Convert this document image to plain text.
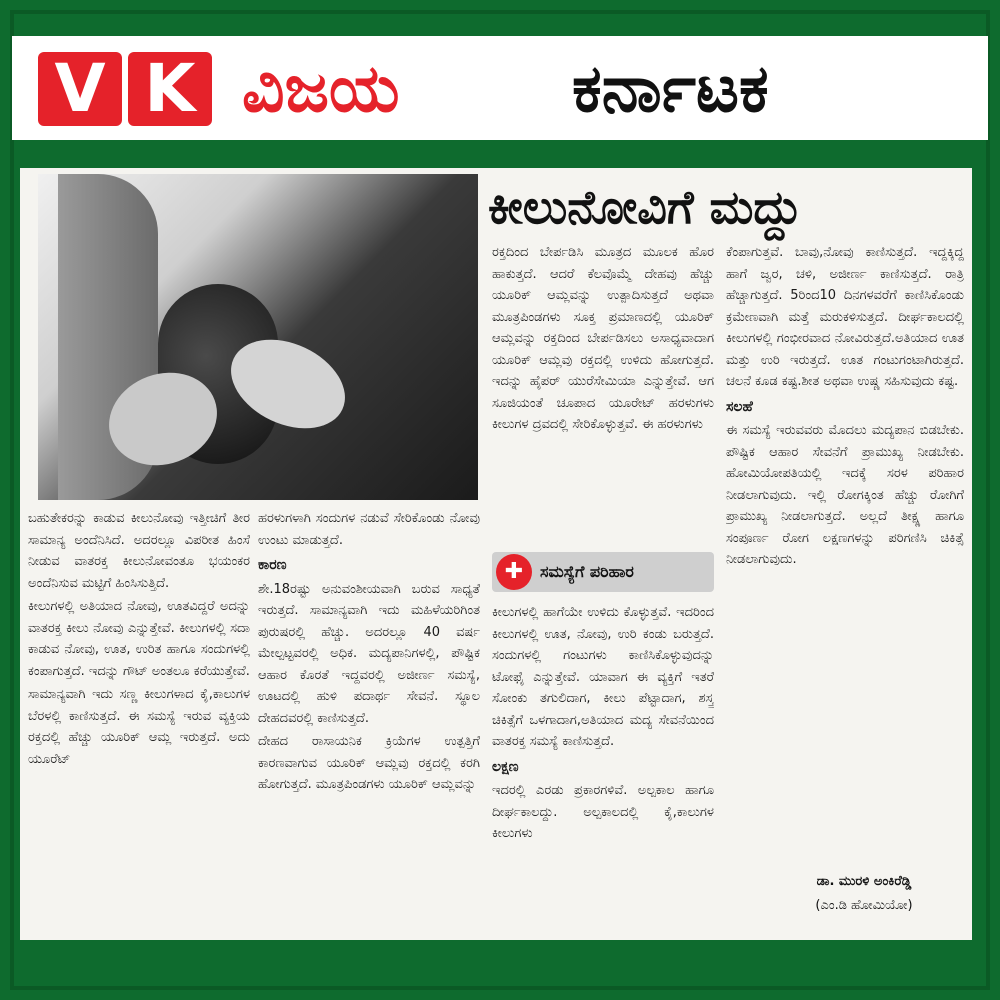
V K ವಿಜಯ	ಕರ್ನಾಟಕ
ಕೀಲುನೋವಿಗೆ ಮದ್ದು

ಬಹುತೇಕರನ್ನು ಕಾಡುವ ಕೀಲುನೋವು ಇತ್ತೀಚಿಗೆ ತೀರ ಸಾಮಾನ್ಯ ಅಂದೆನಿಸಿದೆ. ಅದರಲ್ಲೂ ವಿಪರೀತ ಹಿಂಸೆ ನೀಡುವ ವಾತರಕ್ತ ಕೀಲುನೋವಂತೂ ಭಯಂಕರ ಅಂದೆನಿಸುವ ಮಟ್ಟಿಗೆ ಹಿಂಸಿಸುತ್ತಿದೆ.

ಕೀಲುಗಳಲ್ಲಿ ಅತಿಯಾದ ನೋವು, ಊತವಿದ್ದರೆ ಅದನ್ನು ವಾತರಕ್ತ ಕೀಲು ನೋವು ಎನ್ನುತ್ತೇವೆ. ಕೀಲುಗಳಲ್ಲಿ ಸದಾ ಕಾಡುವ ನೋವು, ಊತ, ಉರಿತ ಹಾಗೂ ಸಂದುಗಳಲ್ಲಿ ಕಂಪಾಗುತ್ತದೆ. ಇದನ್ನು ಗೌಟ್ ಅಂತಲೂ ಕರೆಯುತ್ತೇವೆ.

ಸಾಮಾನ್ಯವಾಗಿ ಇದು ಸಣ್ಣ ಕೀಲುಗಳಾದ ಕೈ,ಕಾಲುಗಳ ಬೆರಳಲ್ಲಿ ಕಾಣಿಸುತ್ತದೆ. ಈ ಸಮಸ್ಯೆ ಇರುವ ವ್ಯಕ್ತಿಯ ರಕ್ತದಲ್ಲಿ ಹೆಚ್ಚು ಯೂರಿಕ್ ಆಮ್ಲ ಇರುತ್ತದೆ. ಅದು ಯೂರೆಟ್

ಹರಳುಗಳಾಗಿ ಸಂದುಗಳ ನಡುವೆ ಸೇರಿಕೊಂಡು ನೋವು ಉಂಟು ಮಾಡುತ್ತದೆ.

ಕಾರಣ

ಶೇ.18ರಷ್ಟು ಅನುವಂಶೀಯವಾಗಿ ಬರುವ ಸಾಧ್ಯತೆ ಇರುತ್ತದೆ. ಸಾಮಾನ್ಯವಾಗಿ ಇದು ಮಹಿಳೆಯರಿಗಿಂತ ಪುರುಷರಲ್ಲಿ ಹೆಚ್ಚು. ಅದರಲ್ಲೂ 40 ವರ್ಷ ಮೇಲ್ಪಟ್ಟವರಲ್ಲಿ ಅಧಿಕ. ಮದ್ಯಪಾನಿಗಳಲ್ಲಿ, ಪೌಷ್ಟಿಕ ಆಹಾರ ಕೊರತೆ ಇದ್ದವರಲ್ಲಿ ಅಜೀರ್ಣ ಸಮಸ್ಯೆ, ಊಟದಲ್ಲಿ ಹುಳಿ ಪದಾರ್ಥ ಸೇವನೆ. ಸ್ಥೂಲ ದೇಹದವರಲ್ಲಿ ಕಾಣಿಸುತ್ತದೆ.

ದೇಹದ ರಾಸಾಯನಿಕ ಕ್ರಿಯೆಗಳ ಉತ್ಪತ್ತಿಗೆ ಕಾರಣವಾಗುವ ಯೂರಿಕ್ ಆಮ್ಲವು ರಕ್ತದಲ್ಲಿ ಕರಗಿ ಹೋಗುತ್ತದೆ. ಮೂತ್ರಪಿಂಡಗಳು ಯೂರಿಕ್ ಆಮ್ಲವನ್ನು

ರಕ್ತದಿಂದ ಬೇರ್ಪಡಿಸಿ ಮೂತ್ರದ ಮೂಲಕ ಹೊರ ಹಾಕುತ್ತದೆ. ಆದರೆ ಕೆಲವೊಮ್ಮೆ ದೇಹವು ಹೆಚ್ಚು ಯೂರಿಕ್ ಆಮ್ಲವನ್ನು ಉತ್ಪಾದಿಸುತ್ತದೆ ಅಥವಾ ಮೂತ್ರಪಿಂಡಗಳು ಸೂಕ್ತ ಪ್ರಮಾಣದಲ್ಲಿ ಯೂರಿಕ್ ಆಮ್ಲವನ್ನು ರಕ್ತದಿಂದ ಬೇರ್ಪಡಿಸಲು ಅಸಾಧ್ಯವಾದಾಗ ಯೂರಿಕ್ ಆಮ್ಲವು ರಕ್ತದಲ್ಲಿ ಉಳಿದು ಹೋಗುತ್ತದೆ. ಇದನ್ನು ಹೈಪರ್ ಯುರೆಸೇಮಿಯಾ ಎನ್ನುತ್ತೇವೆ. ಆಗ ಸೂಜಿಯಂತೆ ಚೂಪಾದ ಯೂರೇಟ್ ಹರಳುಗಳು ಕೀಲುಗಳ ದ್ರವದಲ್ಲಿ ಸೇರಿಕೊಳ್ಳುತ್ತವೆ. ಈ ಹರಳುಗಳು

✚	ಸಮಸ್ಯೆಗೆ ಪರಿಹಾರ

ಕೀಲುಗಳಲ್ಲಿ ಹಾಗೆಯೇ ಉಳಿದು ಕೊಳ್ಳುತ್ತವೆ. ಇದರಿಂದ ಕೀಲುಗಳಲ್ಲಿ ಊತ, ನೋವು, ಉರಿ ಕಂಡು ಬರುತ್ತದೆ. ಸಂದುಗಳಲ್ಲಿ ಗಂಟುಗಳು ಕಾಣಿಸಿಕೊಳ್ಳುವುದನ್ನು ಟೋಫೈ ಎನ್ನುತ್ತೇವೆ. ಯಾವಾಗ ಈ ವ್ಯಕ್ತಿಗೆ ಇತರೆ ಸೋಂಕು ತಗುಲಿದಾಗ, ಕೀಲು ಪೆಟ್ಟಾದಾಗ, ಶಸ್ತ್ರ ಚಿಕಿತ್ಸೆಗೆ ಒಳಗಾದಾಗ,ಅತಿಯಾದ ಮದ್ಯ ಸೇವನೆಯಿಂದ ವಾತರಕ್ತ ಸಮಸ್ಯೆ ಕಾಣಿಸುತ್ತದೆ.

ಲಕ್ಷಣ

ಇದರಲ್ಲಿ ಎರಡು ಪ್ರಕಾರಗಳಿವೆ. ಅಲ್ಪಕಾಲ ಹಾಗೂ ದೀರ್ಘಕಾಲದ್ದು. ಅಲ್ಪಕಾಲದಲ್ಲಿ ಕೈ,ಕಾಲುಗಳ ಕೀಲುಗಳು

ಕೆಂಪಾಗುತ್ತವೆ. ಬಾವು,ನೋವು ಕಾಣಿಸುತ್ತದೆ. ಇದ್ದಕ್ಕಿದ್ದ ಹಾಗೆ ಜ್ವರ, ಚಳಿ, ಅಜೀರ್ಣ ಕಾಣಿಸುತ್ತದೆ. ರಾತ್ರಿ ಹೆಚ್ಚಾಗುತ್ತದೆ. 5ರಿಂದ10 ದಿನಗಳವರೆಗೆ ಕಾಣಿಸಿಕೊಂಡು ಕ್ರಮೇಣವಾಗಿ ಮತ್ತೆ ಮರುಕಳಿಸುತ್ತದೆ. ದೀರ್ಘಕಾಲದಲ್ಲಿ ಕೀಲುಗಳಲ್ಲಿ ಗಂಭೀರವಾದ ನೋವಿರುತ್ತದೆ.ಅತಿಯಾದ ಊತ ಮತ್ತು ಉರಿ ಇರುತ್ತದೆ. ಊತ ಗಂಟುಗಂಟಾಗಿರುತ್ತದೆ. ಚಲನೆ ಕೂಡ ಕಷ್ಟ.ಶೀತ ಅಥವಾ ಉಷ್ಣ ಸಹಿಸುವುದು ಕಷ್ಟ.

ಸಲಹೆ

ಈ ಸಮಸ್ಯೆ ಇರುವವರು ಮೊದಲು ಮದ್ಯಪಾನ ಬಿಡಬೇಕು. ಪೌಷ್ಟಿಕ ಆಹಾರ ಸೇವನೆಗೆ ಪ್ರಾಮುಖ್ಯ ನೀಡಬೇಕು. ಹೋಮಿಯೋಪತಿಯಲ್ಲಿ ಇದಕ್ಕೆ ಸರಳ ಪರಿಹಾರ ನೀಡಲಾಗುವುದು. ಇಲ್ಲಿ ರೋಗಕ್ಕಿಂತ ಹೆಚ್ಚು ರೋಗಿಗೆ ಪ್ರಾಮುಖ್ಯ ನೀಡಲಾಗುತ್ತದೆ. ಅಲ್ಲದೆ ತೀಕ್ಷ್ಣ ಹಾಗೂ ಸಂಪೂರ್ಣ ರೋಗ ಲಕ್ಷಣಗಳನ್ನು ಪರಿಗಣಿಸಿ ಚಿಕಿತ್ಸೆ ನೀಡಲಾಗುವುದು.

ಡಾ. ಮುರಳಿ ಅಂಕಿರೆಡ್ಡಿ
(ಎಂ.ಡಿ ಹೋಮಿಯೋ)
